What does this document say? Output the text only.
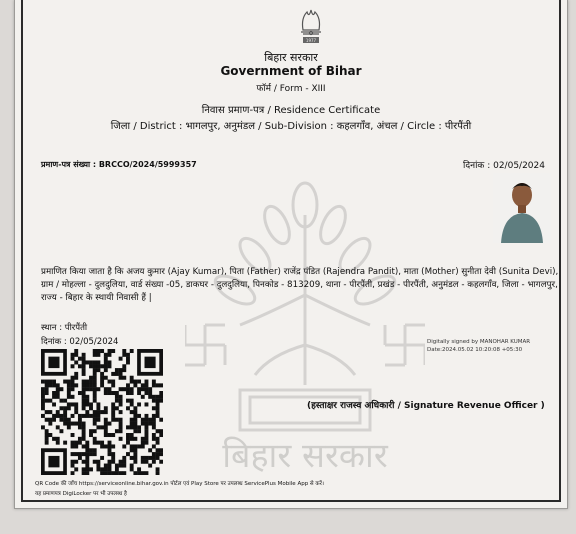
1977
बिहार सरकार
Government of Bihar
फॉर्म / Form - XIII
निवास प्रमाण-पत्र / Residence Certificate
जिला / District : भागलपुर, अनुमंडल / Sub-Division : कहलगाँव, अंचल / Circle : पीरपैंती
प्रमाण-पत्र संख्या : BRCCO/2024/5999357	दिनांक : 02/05/2024
बिहार सरकार
प्रमाणित किया जाता है कि अजय कुमार (Ajay Kumar), पिता (Father) राजेंद्र पंडित (Rajendra Pandit), माता (Mother) सुनीता देवी (Sunita Devi), ग्राम / मोहल्ला - दुलदुलिया, वार्ड संख्या -05, डाकघर - दुलदुलिया, पिनकोड - 813209, थाना - पीरपैंती, प्रखंड - पीरपैंती, अनुमंडल - कहलगाँव, जिला - भागलपुर, राज्य - बिहार के स्थायी निवासी हैं |
स्थान : पीरपैंती
दिनांक : 02/05/2024	Digitally signed by MANOHAR KUMAR
Date:2024.05.02 10:20:08 +05:30
(हस्ताक्षर राजस्व अधिकारी / Signature Revenue Officer )
QR Code की जाँच https://serviceonline.bihar.gov.in पोर्टल एवं Play Store पर उपलब्ध ServicePlus Mobile App से करें।
यह प्रमाणपत्र DigiLocker पर भी उपलब्ध है
